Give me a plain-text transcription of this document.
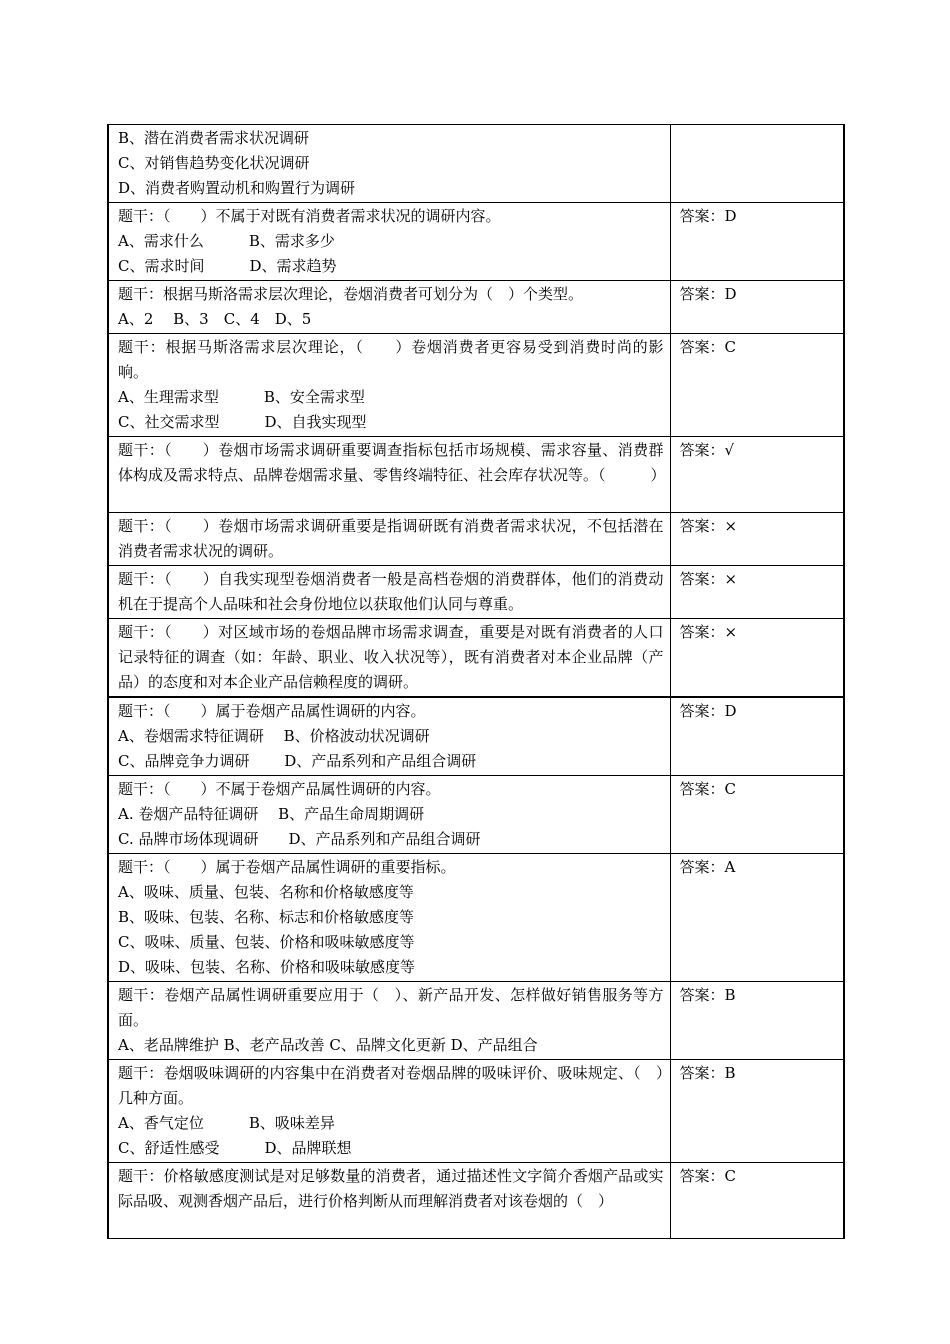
B、潜在消费者需求状况调研
C、对销售趋势变化状况调研
D、消费者购置动机和购置行为调研	

题干：（　　）不属于对既有消费者需求状况的调研内容。
A、需求什么　　　B、需求多少
C、需求时间　　　D、需求趋势	答案：D

题干：根据马斯洛需求层次理论，卷烟消费者可划分为（　）个类型。
A、2　 B、3　C、4　D、5	答案：D

题干：根据马斯洛需求层次理论，（　　）卷烟消费者更容易受到消费时尚的影响。
A、生理需求型　　　B、安全需求型
C、社交需求型　　　D、自我实现型	答案：C

题干：（　　）卷烟市场需求调研重要调查指标包括市场规模、需求容量、消费群体构成及需求特点、品牌卷烟需求量、零售终端特征、社会库存状况等。（　　　）	答案：√

题干：（　　）卷烟市场需求调研重要是指调研既有消费者需求状况，不包括潜在消费者需求状况的调研。	答案：×

题干：（　　）自我实现型卷烟消费者一般是高档卷烟的消费群体，他们的消费动机在于提高个人品味和社会身份地位以获取他们认同与尊重。	答案：×

题干：（　　）对区域市场的卷烟品牌市场需求调查，重要是对既有消费者的人口记录特征的调查（如：年龄、职业、收入状况等），既有消费者对本企业品牌（产品）的态度和对本企业产品信赖程度的调研。	答案：×

题干：（　　）属于卷烟产品属性调研的内容。
A、卷烟需求特征调研　 B、价格波动状况调研
C、品牌竞争力调研　　 D、产品系列和产品组合调研	答案：D

题干：（　　）不属于卷烟产品属性调研的内容。
A. 卷烟产品特征调研　 B、产品生命周期调研
C. 品牌市场体现调研　　D、产品系列和产品组合调研	答案：C

题干：（　　）属于卷烟产品属性调研的重要指标。
A、吸味、质量、包装、名称和价格敏感度等
B、吸味、包装、名称、标志和价格敏感度等
C、吸味、质量、包装、价格和吸味敏感度等
D、吸味、包装、名称、价格和吸味敏感度等	答案：A

题干：卷烟产品属性调研重要应用于（　）、新产品开发、怎样做好销售服务等方面。
A、老品牌维护 B、老产品改善 C、品牌文化更新 D、产品组合	答案：B

题干：卷烟吸味调研的内容集中在消费者对卷烟品牌的吸味评价、吸味规定、（　）几种方面。
A、香气定位　　　B、吸味差异
C、舒适性感受　　　D、品牌联想	答案：B

题干：价格敏感度测试是对足够数量的消费者，通过描述性文字简介香烟产品或实际品吸、观测香烟产品后，进行价格判断从而理解消费者对该卷烟的（　）	答案：C
